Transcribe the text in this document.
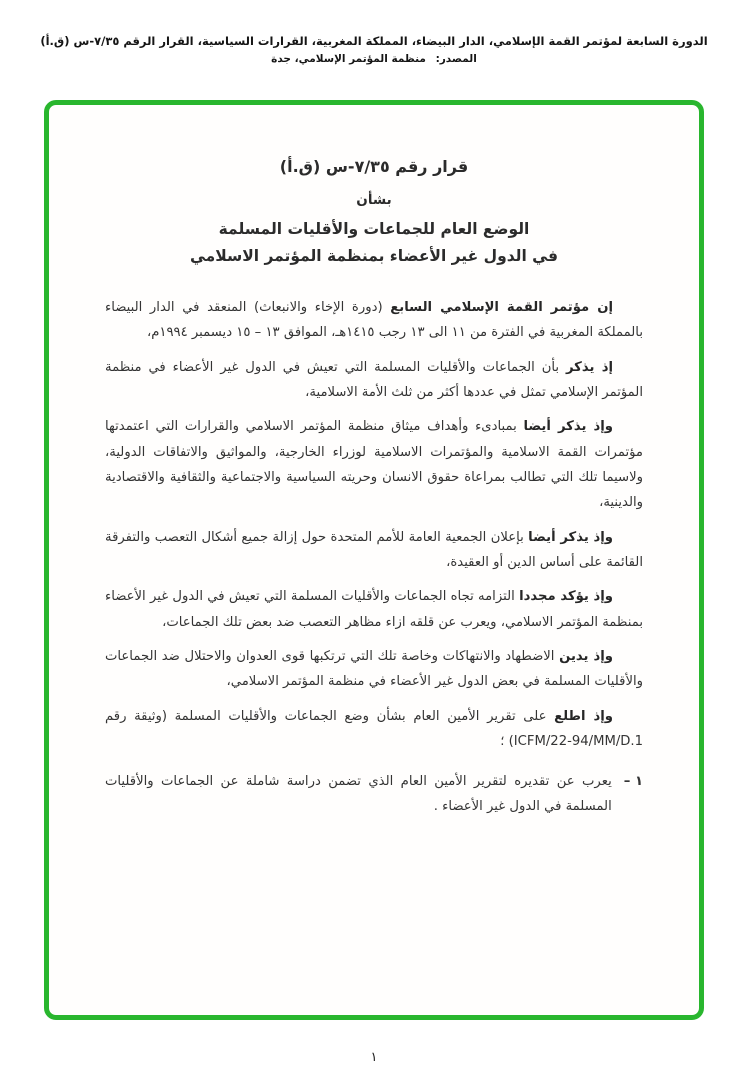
الدورة السابعة لمؤتمر القمة الإسلامي، الدار البيضاء، المملكة المغربية، القرارات السياسية، القرار الرقم ٧/٣٥-س (ق.أ)
المصدر: منظمة المؤتمر الإسلامي، جدة
قرار رقم ٧/٣٥-س (ق.أ)
بشأن
الوضع العام للجماعات والأقليات المسلمة
في الدول غير الأعضاء بمنظمة المؤتمر الاسلامي

إن مؤتمر القمة الإسلامي السابع (دورة الإخاء والانبعاث) المنعقد في الدار البيضاء بالمملكة المغربية في الفترة من ١١ الى ١٣ رجب ١٤١٥هـ، الموافق ١٣ – ١٥ ديسمبر ١٩٩٤م،

إذ يذكر بأن الجماعات والأقليات المسلمة التي تعيش في الدول غير الأعضاء في منظمة المؤتمر الإسلامي تمثل في عددها أكثر من ثلث الأمة الاسلامية،

وإذ يذكر أيضا بمبادىء وأهداف ميثاق منظمة المؤتمر الاسلامي والقرارات التي اعتمدتها مؤتمرات القمة الاسلامية والمؤتمرات الاسلامية لوزراء الخارجية، والمواثيق والاتفاقات الدولية، ولاسيما تلك التي تطالب بمراعاة حقوق الانسان وحريته السياسية والاجتماعية والثقافية والاقتصادية والدينية،

وإذ يذكر أيضا بإعلان الجمعية العامة للأمم المتحدة حول إزالة جميع أشكال التعصب والتفرقة القائمة على أساس الدين أو العقيدة،

وإذ يؤكد مجددا التزامه تجاه الجماعات والأقليات المسلمة التي تعيش في الدول غير الأعضاء بمنظمة المؤتمر الاسلامي، ويعرب عن قلقه ازاء مظاهر التعصب ضد بعض تلك الجماعات،

وإذ يدين الاضطهاد والانتهاكات وخاصة تلك التي ترتكبها قوى العدوان والاحتلال ضد الجماعات والأقليات المسلمة في بعض الدول غير الأعضاء في منظمة المؤتمر الاسلامي،

وإذ اطلع على تقرير الأمين العام بشأن وضع الجماعات والأقليات المسلمة (وثيقة رقم ICFM/22-94/MM/D.1) ؛

١ –
يعرب عن تقديره لتقرير الأمين العام الذي تضمن دراسة شاملة عن الجماعات والأقليات المسلمة في الدول غير الأعضاء .
١
